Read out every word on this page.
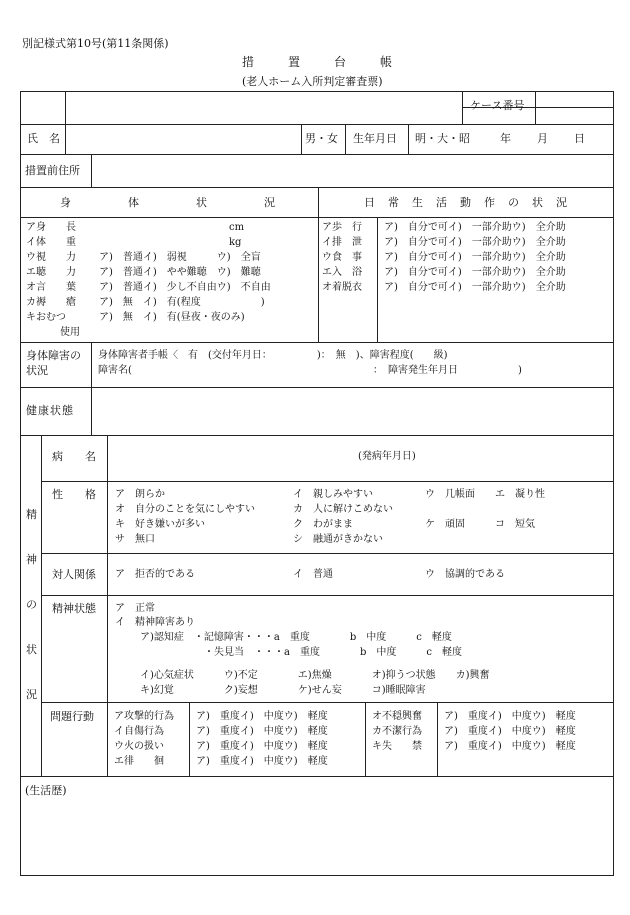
別記様式第10号(第11条関係)
措	置	台	帳
(老人ホーム入所判定審査票)
ケース番号
氏　名	男・女 生年月日 明・大・昭	年 月 日
措置前住所
身	体	状	況	日 常 生 活 動 作 の 状 況
ア身　　長	cm
イ体　　重	kg
ウ視　　力 ア)　普通イ)　弱視　　　ウ)　全盲
エ聴　　力 ア)　普通イ)　やや難聴　ウ)　難聴
オ言　　葉 ア)　普通イ)　少し不自由ウ)　不自由
カ褥　　瘡 ア)　無　イ)　有(程度　　　　　　)
キおむつ	ア)　無　イ)　有(昼夜・夜のみ)
使用
ア歩　行 ア)　自分で可イ)　一部介助ウ)　全介助
イ排　泄 ア)　自分で可イ)　一部介助ウ)　全介助
ウ食　事 ア)　自分で可イ)　一部介助ウ)　全介助
エ入　浴 ア)　自分で可イ)　一部介助ウ)　全介助
オ着脱衣 ア)　自分で可イ)　一部介助ウ)　全介助
身体障害の
状況
身体障害者手帳〈　有　(交付年月日：　　　　　)：　無　)、障害程度(　　級)
障害名(	：　障害発生年月日　　　　　　)
健康状態
精
神
の
状
況
病　　名	(発病年月日)
性　　格 ア　朗らか	イ　親しみやすい	ウ　几帳面 エ　凝り性
オ　自分のことを気にしやすい	カ　人に解けこめない
キ　好き嫌いが多い	ク　わがまま	ケ　頑固	コ　短気
サ　無口	シ　融通がきかない
対人関係 ア　拒否的である	イ　普通	ウ　協調的である
精神状態 ア　正常
イ　精神障害あり
ア)認知症　・記憶障害・・・a　重度　　　　b　中度　　　c　軽度
・失見当　・・・a　重度　　　　b　中度　　　c　軽度
イ)心気症状　　　ウ)不定　　　　エ)焦燥　　　　オ)抑うつ状態　　カ)興奮
キ)幻覚　　　　　ク)妄想　　　　ケ)せん妄　　　コ)睡眠障害
問題行動 ア攻撃的行為 ア)　重度イ)　中度ウ)　軽度
イ自傷行為	ア)　重度イ)　中度ウ)　軽度
ウ火の扱い	ア)　重度イ)　中度ウ)　軽度
エ徘　　徊	ア)　重度イ)　中度ウ)　軽度
オ不穏興奮 ア)　重度イ)　中度ウ)　軽度
カ不潔行為 ア)　重度イ)　中度ウ)　軽度
キ失　　禁 ア)　重度イ)　中度ウ)　軽度
(生活歴)
